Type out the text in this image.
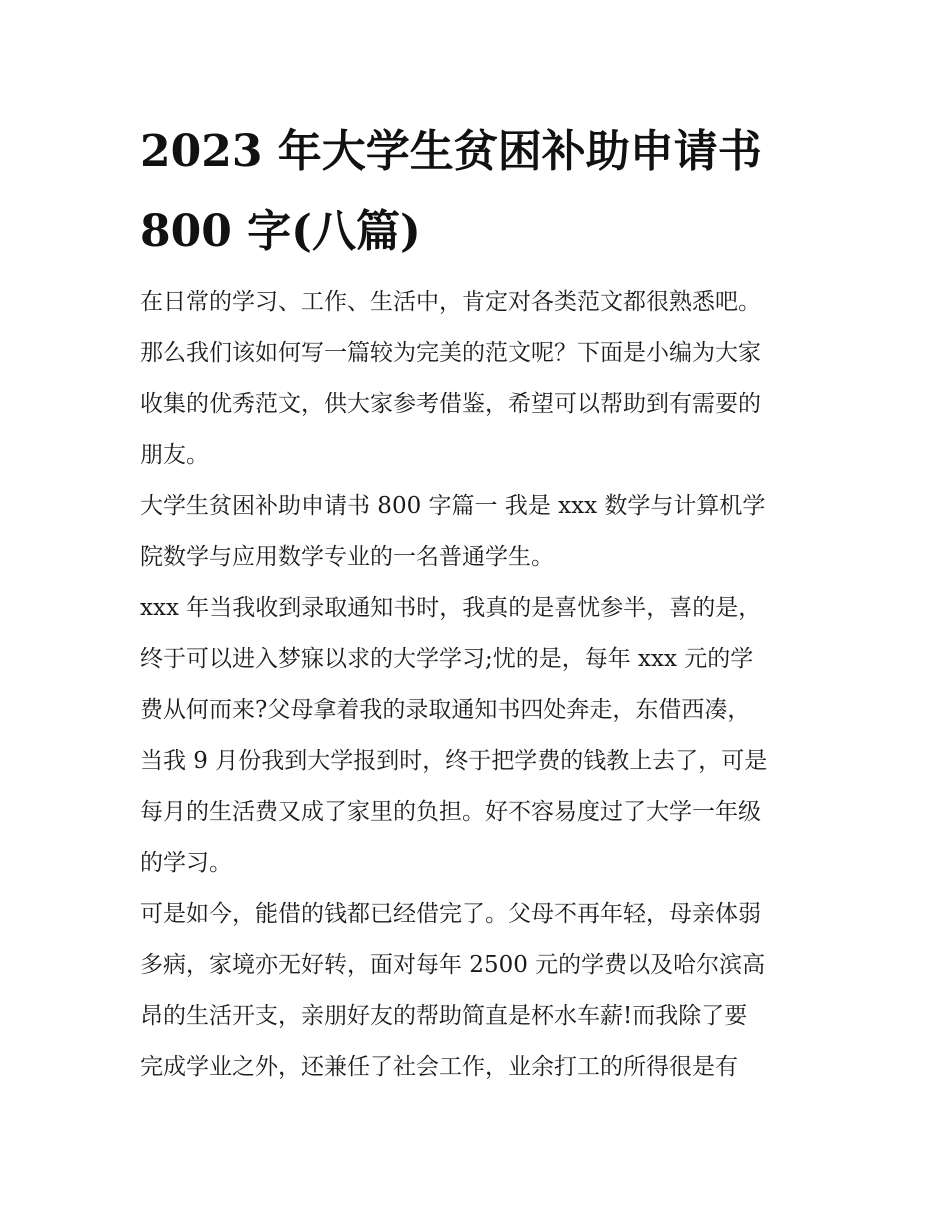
2023 年大学生贫困补助申请书
800 字(八篇)

在日常的学习、工作、生活中，肯定对各类范文都很熟悉吧。

那么我们该如何写一篇较为完美的范文呢？下面是小编为大家

收集的优秀范文，供大家参考借鉴，希望可以帮助到有需要的

朋友。

大学生贫困补助申请书 800 字篇一 我是 xxx 数学与计算机学

院数学与应用数学专业的一名普通学生。

xxx 年当我收到录取通知书时，我真的是喜忧参半，喜的是，

终于可以进入梦寐以求的大学学习;忧的是，每年 xxx 元的学

费从何而来?父母拿着我的录取通知书四处奔走，东借西凑，

当我 9 月份我到大学报到时，终于把学费的钱教上去了，可是

每月的生活费又成了家里的负担。好不容易度过了大学一年级

的学习。

可是如今，能借的钱都已经借完了。父母不再年轻，母亲体弱

多病，家境亦无好转，面对每年 2500 元的学费以及哈尔滨高

昂的生活开支，亲朋好友的帮助简直是杯水车薪!而我除了要

完成学业之外，还兼任了社会工作，业余打工的所得很是有
